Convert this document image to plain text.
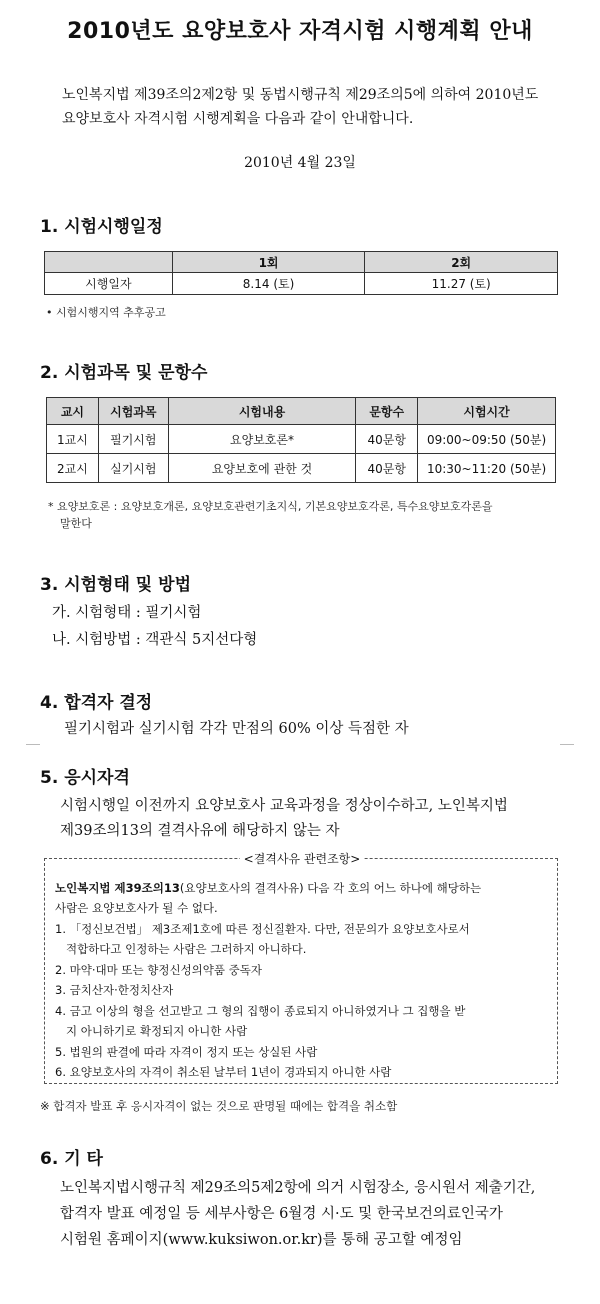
2010년도 요양보호사 자격시험 시행계획 안내
노인복지법 제39조의2제2항 및 동법시행규칙 제29조의5에 의하여 2010년도
요양보호사 자격시험 시행계획을 다음과 같이 안내합니다.
2010년 4월 23일
1. 시험시행일정
	1회	2회
시행일자	8.14 (토)	11.27 (토)
• 시험시행지역 추후공고
2. 시험과목 및 문항수
교시	시험과목	시험내용	문항수	시험시간
1교시	필기시험	요양보호론*	40문항	09:00~09:50 (50분)
2교시	실기시험	요양보호에 관한 것	40문항	10:30~11:20 (50분)
* 요양보호론 : 요양보호개론, 요양보호관련기초지식, 기본요양보호각론, 특수요양보호각론을
말한다
3. 시험형태 및 방법
가. 시험형태 : 필기시험
나. 시험방법 : 객관식 5지선다형
4. 합격자 결정
필기시험과 실기시험 각각 만점의 60% 이상 득점한 자
5. 응시자격
시험시행일 이전까지 요양보호사 교육과정을 정상이수하고, 노인복지법
제39조의13의 결격사유에 해당하지 않는 자
<결격사유 관련조항>
노인복지법 제39조의13(요양보호사의 결격사유) 다음 각 호의 어느 하나에 해당하는
사람은 요양보호사가 될 수 없다.
1. 「정신보건법」 제3조제1호에 따른 정신질환자. 다만, 전문의가 요양보호사로서
적합하다고 인정하는 사람은 그러하지 아니하다.
2. 마약·대마 또는 향정신성의약품 중독자
3. 금치산자·한정치산자
4. 금고 이상의 형을 선고받고 그 형의 집행이 종료되지 아니하였거나 그 집행을 받
지 아니하기로 확정되지 아니한 사람
5. 법원의 판결에 따라 자격이 정지 또는 상실된 사람
6. 요양보호사의 자격이 취소된 날부터 1년이 경과되지 아니한 사람
※ 합격자 발표 후 응시자격이 없는 것으로 판명될 때에는 합격을 취소함
6. 기 타
노인복지법시행규칙 제29조의5제2항에 의거 시험장소, 응시원서 제출기간,
합격자 발표 예정일 등 세부사항은 6월경 시·도 및 한국보건의료인국가
시험원 홈페이지(www.kuksiwon.or.kr)를 통해 공고할 예정임
